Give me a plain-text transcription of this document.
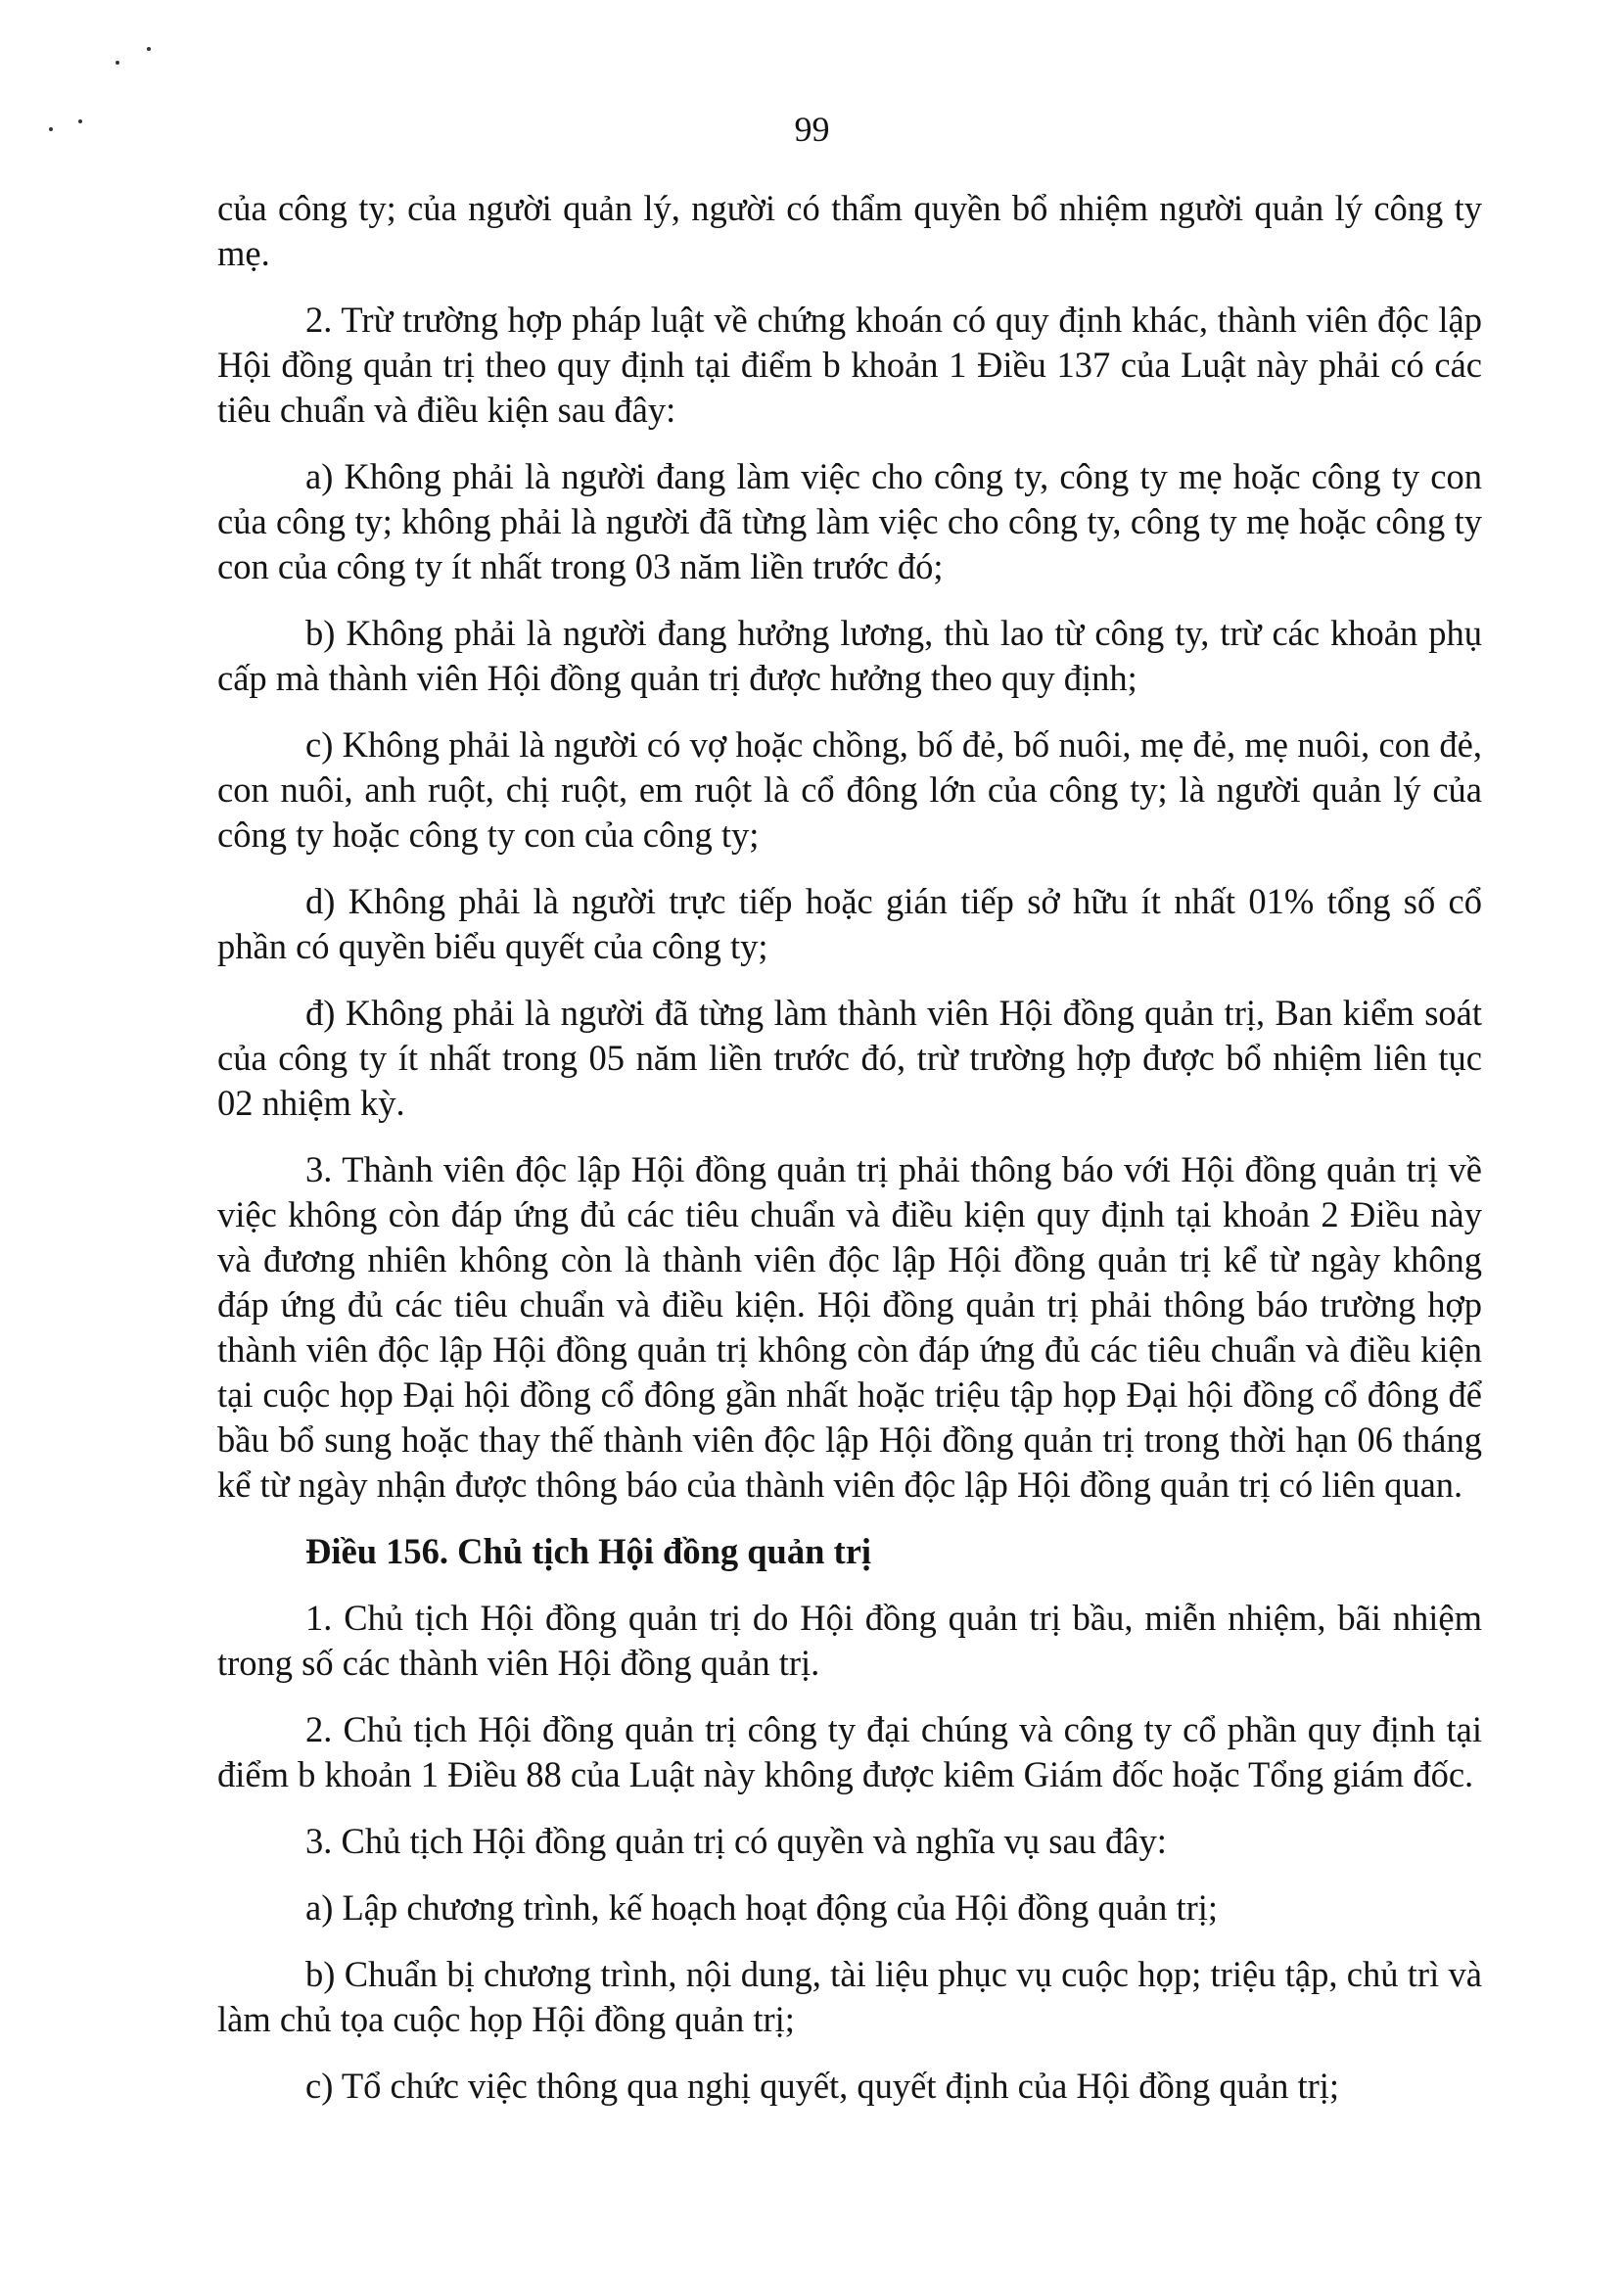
99

của công ty; của người quản lý, người có thẩm quyền bổ nhiệm người quản lý công ty mẹ.

2. Trừ trường hợp pháp luật về chứng khoán có quy định khác, thành viên độc lập Hội đồng quản trị theo quy định tại điểm b khoản 1 Điều 137 của Luật này phải có các tiêu chuẩn và điều kiện sau đây:

a) Không phải là người đang làm việc cho công ty, công ty mẹ hoặc công ty con của công ty; không phải là người đã từng làm việc cho công ty, công ty mẹ hoặc công ty con của công ty ít nhất trong 03 năm liền trước đó;

b) Không phải là người đang hưởng lương, thù lao từ công ty, trừ các khoản phụ cấp mà thành viên Hội đồng quản trị được hưởng theo quy định;

c) Không phải là người có vợ hoặc chồng, bố đẻ, bố nuôi, mẹ đẻ, mẹ nuôi, con đẻ, con nuôi, anh ruột, chị ruột, em ruột là cổ đông lớn của công ty; là người quản lý của công ty hoặc công ty con của công ty;

d) Không phải là người trực tiếp hoặc gián tiếp sở hữu ít nhất 01% tổng số cổ phần có quyền biểu quyết của công ty;

đ) Không phải là người đã từng làm thành viên Hội đồng quản trị, Ban kiểm soát của công ty ít nhất trong 05 năm liền trước đó, trừ trường hợp được bổ nhiệm liên tục 02 nhiệm kỳ.

3. Thành viên độc lập Hội đồng quản trị phải thông báo với Hội đồng quản trị về việc không còn đáp ứng đủ các tiêu chuẩn và điều kiện quy định tại khoản 2 Điều này và đương nhiên không còn là thành viên độc lập Hội đồng quản trị kể từ ngày không đáp ứng đủ các tiêu chuẩn và điều kiện. Hội đồng quản trị phải thông báo trường hợp thành viên độc lập Hội đồng quản trị không còn đáp ứng đủ các tiêu chuẩn và điều kiện tại cuộc họp Đại hội đồng cổ đông gần nhất hoặc triệu tập họp Đại hội đồng cổ đông để bầu bổ sung hoặc thay thế thành viên độc lập Hội đồng quản trị trong thời hạn 06 tháng kể từ ngày nhận được thông báo của thành viên độc lập Hội đồng quản trị có liên quan.

Điều 156. Chủ tịch Hội đồng quản trị

1. Chủ tịch Hội đồng quản trị do Hội đồng quản trị bầu, miễn nhiệm, bãi nhiệm trong số các thành viên Hội đồng quản trị.

2. Chủ tịch Hội đồng quản trị công ty đại chúng và công ty cổ phần quy định tại điểm b khoản 1 Điều 88 của Luật này không được kiêm Giám đốc hoặc Tổng giám đốc.

3. Chủ tịch Hội đồng quản trị có quyền và nghĩa vụ sau đây:

a) Lập chương trình, kế hoạch hoạt động của Hội đồng quản trị;

b) Chuẩn bị chương trình, nội dung, tài liệu phục vụ cuộc họp; triệu tập, chủ trì và làm chủ tọa cuộc họp Hội đồng quản trị;

c) Tổ chức việc thông qua nghị quyết, quyết định của Hội đồng quản trị;
